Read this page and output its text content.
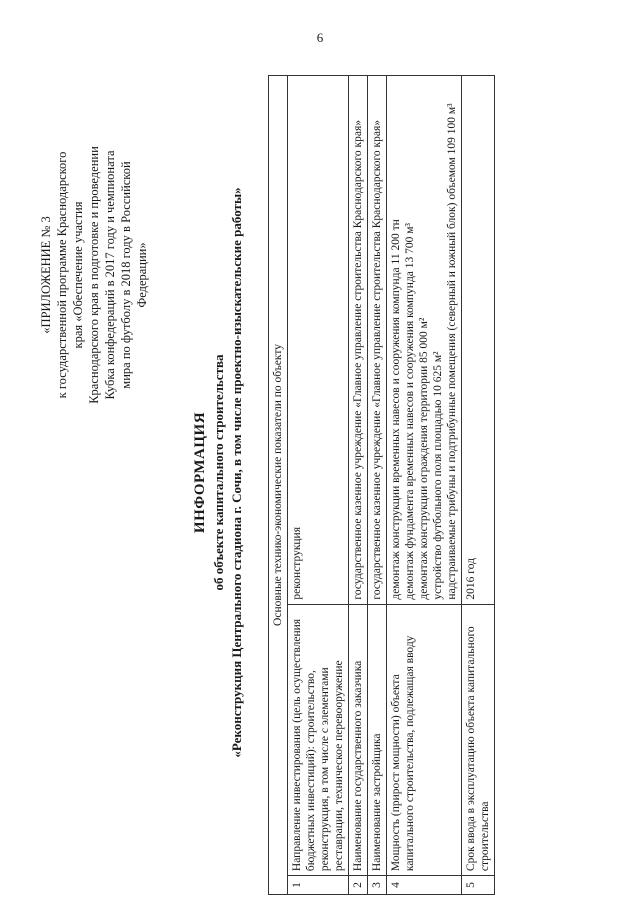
6
«ПРИЛОЖЕНИЕ № 3 к государственной программе Краснодарского края «Обеспечение участия Краснодарского края в подготовке и проведении Кубка конфедераций в 2017 году и чемпионата мира по футболу в 2018 году в Российской Федерации»
ИНФОРМАЦИЯ об объекте капитального строительства «Реконструкция Центрального стадиона г. Сочи, в том числе проектно-изыскательские работы» Основные технико-экономические показатели по объекту		
1	Направление инвестирования (цель осуществления бюджетных инвестиций): строительство, реконструкция, в том числе с элементами реставрации, техническое перевооружение	реконструкция

2	Наименование государственного заказчика	государственное казенное учреждение «Главное управление строительства Краснодарского края»
3	Наименование застройщика	государственное казенное учреждение «Главное управление строительства Краснодарского края»
4	Мощность (прирост мощности) объекта капитального строительства, подлежащая вводу	демонтаж конструкции временных навесов и сооружения компунда 11 200 тн демонтаж фундамента временных навесов и сооружения компунда 13 700 м³ демонтаж конструкции ограждения территории 85 000 м² устройство футбольного поля площадью 10 625 м² надстраиваемые трибуны и подтрибунные помещения (северный и южный блок) объемом 109 100 м³

5	Срок ввода в эксплуатацию объекта капитального строительства	2016 год
